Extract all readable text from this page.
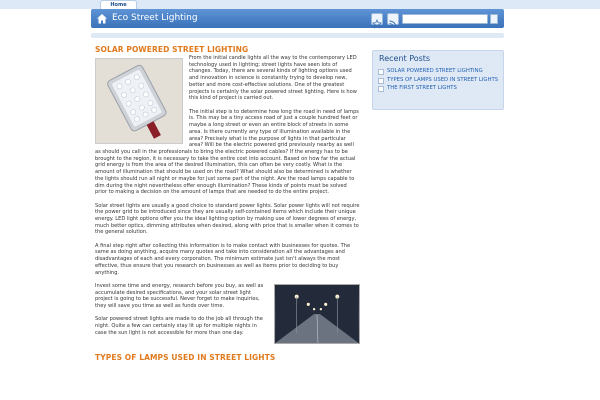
Home
Eco Street Lighting
SOLAR POWERED STREET LIGHTING

From the initial candle lights all the way to the contemporary LED technology used in lighting; street lights have seen lots of changes. Today, there are several kinds of lighting options used and innovation in science is constantly trying to develop new, better and more cost-effective solutions. One of the greatest projects is certainly the solar powered street lighting. Here is how this kind of project is carried out.

The initial step is to determine how long the road in need of lamps is. This may be a tiny access road of just a couple hundred feet or maybe a long street or even an entire block of streets in some area. Is there currently any type of illumination available in the area? Precisely what is the purpose of lights in that particular area? Will be the electric powered grid previously nearby as well as should you call in the professionals to bring the electric powered cables? If the energy has to be brought to the region, it is necessary to take the entire cost into account. Based on how far the actual grid energy is from the area of the desired illumination, this can often be very costly. What is the amount of illumination that should be used on the road? What should also be determined is whether the lights should run all night or maybe for just some part of the night. Are the road lamps capable to dim during the night nevertheless offer enough illumination? These kinds of points must be solved prior to making a decision on the amount of lamps that are needed to do the entire project.

Solar street lights are usually a good choice to standard power lights. Solar power lights will not require the power grid to be introduced since they are usually self-contained items which include their unique energy. LED light options offer you the ideal lighting option by making use of lower degrees of energy, much better optics, dimming attributes when desired, along with price that is smaller when it comes to the general solution.

A final step right after collecting this information is to make contact with businesses for quotes. The same as doing anything, acquire many quotes and take into consideration all the advantages and disadvantages of each and every corporation. The minimum estimate just isn't always the most effective, thus ensure that you research on businesses as well as items prior to deciding to buy anything.

Invest some time and energy, research before you buy, as well as accumulate desired specifications, and your solar street light project is going to be successful. Never forget to make inquiries, they will save you time as well as funds over time.

Solar powered street lights are made to do the job all through the night. Quite a few can certainly stay lit up for multiple nights in case the sun light is not accessible for more than one day.

TYPES OF LAMPS USED IN STREET LIGHTS
Recent Posts
SOLAR POWERED STREET LIGHTING
TYPES OF LAMPS USED IN STREET LIGHTS
THE FIRST STREET LIGHTS
